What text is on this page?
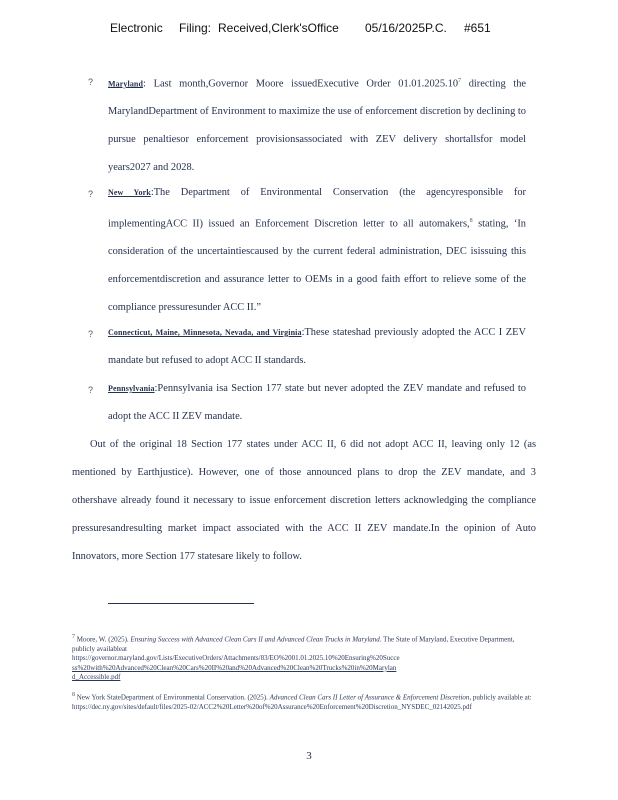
Electronic Filing: Received,Clerk'sOffice 05/16/2025P.C. #651
? Maryland: Last month,Governor Moore issuedExecutive Order 01.01.2025.10$^7$ directing the MarylandDepartment of Environment to maximize the use of enforcement discretion by declining to pursue penaltiesor enforcement provisionsassociated with ZEV delivery shortallsfor model years2027 and 2028.
? New York:The Department of Environmental Conservation (the agencyresponsible for implementingACC II) issued an Enforcement Discretion letter to all automakers,$^8$ stating, ‘In consideration of the uncertaintiescaused by the current federal administration, DEC isissuing this enforcementdiscretion and assurance letter to OEMs in a good faith effort to relieve some of the compliance pressuresunder ACC II.”
? Connecticut, Maine, Minnesota, Nevada, and Virginia:These stateshad previously adopted the ACC I ZEV mandate but refused to adopt ACC II standards.
? Pennsylvania:Pennsylvania isa Section 177 state but never adopted the ZEV mandate and refused to adopt the ACC II ZEV mandate.
Out of the original 18 Section 177 states under ACC II, 6 did not adopt ACC II, leaving only 12 (as mentioned by Earthjustice). However, one of those announced plans to drop the ZEV mandate, and 3 othershave already found it necessary to issue enforcement discretion letters acknowledging the compliance pressuresandresulting market impact associated with the ACC II ZEV mandate.In the opinion of Auto Innovators, more Section 177 statesare likely to follow.
$^7$ Moore, W. (2025). Ensuring Success with Advanced Clean Cars II and Advanced Clean Trucks in Maryland. The State of Maryland, Executive Department, publicly availableat
https://governor.maryland.gov/Lists/ExecutiveOrders/Attachments/83/EO%2001.01.2025.10%20Ensuring%20Succe
ss%20with%20Advanced%20Clean%20Cars%20II%20and%20Advanced%20Clean%20Trucks%20in%20Marylan
d_Accessible.pdf
$^8$ New York StateDepartment of Environmental Conservation. (2025). Advanced Clean Cars II Letter of Assurance & Enforcement Discretion, publicly available at: https://dec.ny.gov/sites/default/files/2025-02/ACC2%20Letter%20of%20Assurance%20Enforcement%20Discretion_NYSDEC_02142025.pdf
3
